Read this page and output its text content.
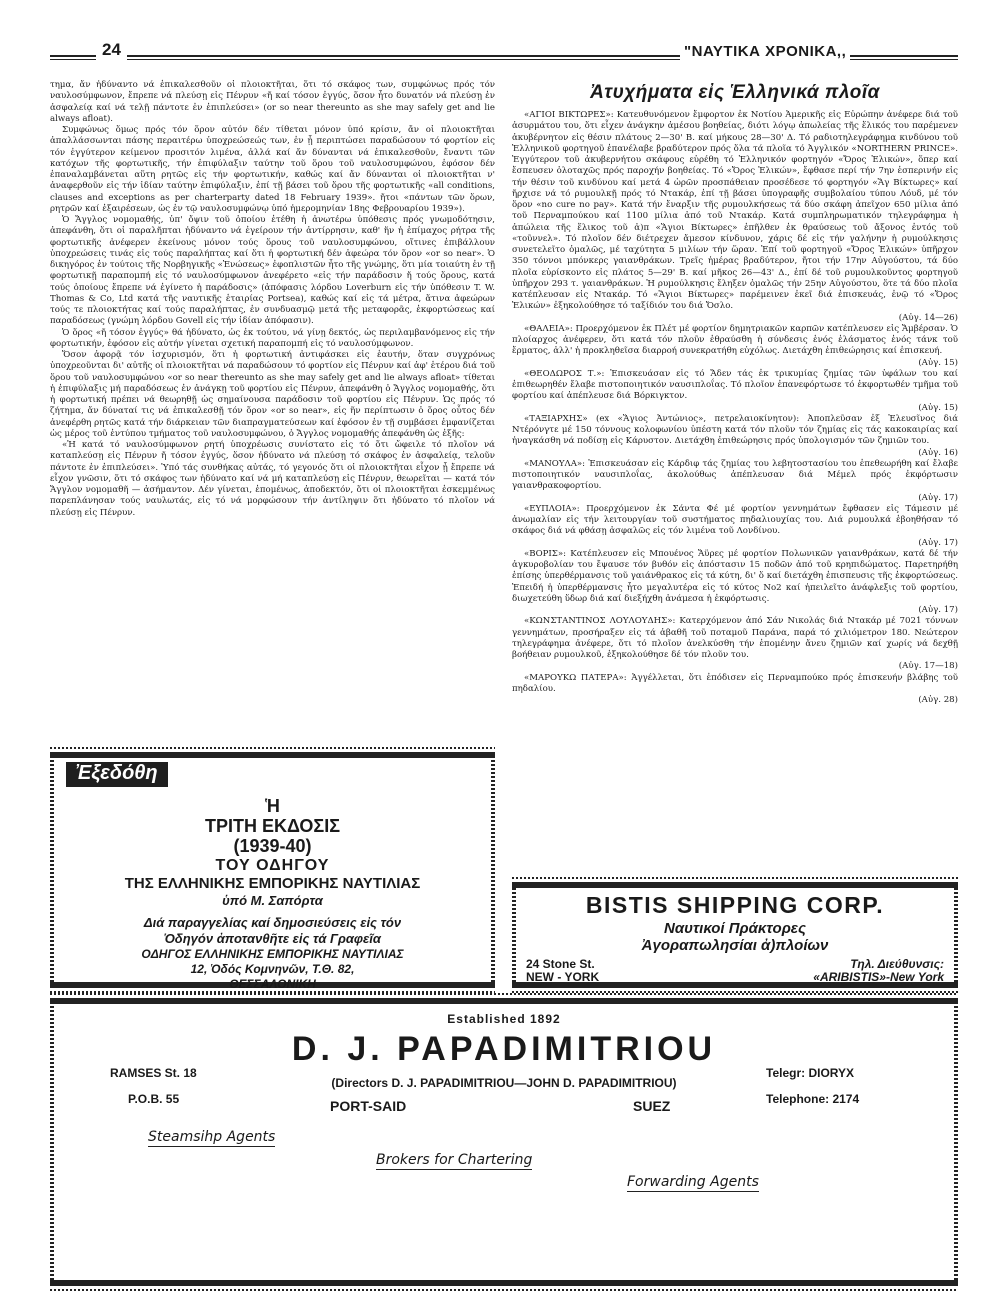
24	"ΝΑΥΤΙΚΑ ΧΡΟΝΙΚΑ,,

τημα, ἄν ἠδύναντο νά ἐπικαλεσθοῦν οἱ πλοιοκτῆται, ὅτι τό σκάφος των, συμφώνως πρός τόν ναυλοσύμφωνον, ἔπρεπε νά πλεύσῃ εἰς Πένρυν «ἤ καί τόσον ἐγγύς, ὅσον ἦτο δυνατόν νά πλεύσῃ ἐν ἀσφαλείᾳ καί νά τελῇ πάντοτε ἐν ἐπιπλεύσει» (or so near thereunto as she may safely get and lie always afloat).

Συμφώνως ὅμως πρός τόν ὅρον αὐτόν δέν τίθεται μόνον ὑπό κρίσιν, ἄν οἱ πλοιοκτῆται ἀπαλλάσσωνται πάσης περαιτέρω ὑποχρεώσεώς των, ἐν ᾗ περιπτώσει παραδώσουν τό φορτίον εἰς τόν ἐγγύτερον κείμενον προσιτόν λιμένα, ἀλλά καί ἄν δύνανται νά ἐπικαλεσθοῦν, ἔναντι τῶν κατόχων τῆς φορτωτικῆς, τήν ἐπιφύλαξιν ταύτην τοῦ ὅρου τοῦ ναυλοσυμφώνου, ἐφόσον δέν ἐπαναλαμβάνεται αὕτη ρητῶς εἰς τήν φορτωτικήν, καθώς καί ἄν δύνανται οἱ πλοιοκτῆται ν' ἀναφερθοῦν εἰς τήν ἰδίαν ταύτην ἐπιφύλαξιν, ἐπί τῇ βάσει τοῦ ὅρου τῆς φορτωτικῆς «all conditions, clauses and exceptions as per charterparty dated 18 February 1939». ἤτοι «πάντων τῶν ὅρων, ρητρῶν καί ἐξαιρέσεων, ὡς ἐν τῷ ναυλοσυμφώνῳ ὑπό ἡμερομηνίαν 18ης Φεβρουαρίου 1939»).

Ὁ Ἄγγλος νομομαθής, ὑπ' ὄψιν τοῦ ὁποίου ἐτέθη ἡ ἀνωτέρω ὑπόθεσις πρός γνωμοδότησιν, ἀπεφάνθη, ὅτι οἱ παραλῆπται ἠδύναντο νά ἐγείρουν τήν ἀντίρρησιν, καθ' ἥν ἡ ἐπίμαχος ρήτρα τῆς φορτωτικῆς ἀνέφερεν ἐκείνους μόνον τούς ὅρους τοῦ ναυλοσυμφώνου, οἵτινες ἐπιβάλλουν ὑποχρεώσεις τινάς εἰς τούς παραλήπτας καί ὅτι ἡ φορτωτική δέν ἀφεώρα τόν ὅρον «or so near». Ὁ δικηγόρος ἐν τούτοις τῆς Νορβηγικῆς «Ἑνώσεως» ἐφοπλιστῶν ἦτο τῆς γνώμης, ὅτι μία τοιαύτη ἐν τῇ φορτωτικῇ παραπομπή εἰς τό ναυλοσύμφωνον ἀνεφέρετο «εἰς τήν παράδοσιν ἤ τούς ὅρους, κατά τούς ὁποίους ἔπρεπε νά ἐγίνετο ἡ παράδοσις» (ἀπόφασις λόρδου Loverburn εἰς τήν ὑπόθεσιν T. W. Thomas & Co, Ltd κατά τῆς ναυτικῆς ἑταιρίας Portsea), καθώς καί εἰς τά μέτρα, ἅτινα ἀφεώρων τούς τε πλοιοκτήτας καί τούς παραλήπτας, ἐν συνδυασμῷ μετά τῆς μεταφορᾶς, ἐκφορτώσεως καί παραδόσεως (γνώμη λόρδου Govell εἰς τήν ἰδίαν ἀπόφασιν).

Ὁ ὅρος «ἤ τόσον ἐγγύς» θά ἠδύνατο, ὡς ἐκ τούτου, νά γίνῃ δεκτός, ὡς περιλαμβανόμενος εἰς τήν φορτωτικήν, ἐφόσον εἰς αὐτήν γίνεται σχετική παραπομπή εἰς τό ναυλοσύμφωνον.

Ὅσον ἀφορᾷ τόν ἰσχυρισμόν, ὅτι ἡ φορτωτική ἀντιφάσκει εἰς ἑαυτήν, ὅταν συγχρόνως ὑποχρεοῦνται δι' αὐτῆς οἱ πλοιοκτῆται νά παραδώσουν τό φορτίον εἰς Πένρυν καί ἀφ' ἑτέρου διά τοῦ ὅρου τοῦ ναυλοσυμφώνου «or so near thereunto as she may safely get and lie always afloat» τίθεται ἡ ἐπιφύλαξις μή παραδόσεως ἐν ἀνάγκῃ τοῦ φορτίου εἰς Πένρυν, ἀπεφάνθη ὁ Ἄγγλος νομομαθής, ὅτι ἡ φορτωτική πρέπει νά θεωρηθῇ ὡς σημαίνουσα παράδοσιν τοῦ φορτίου εἰς Πένρυν. Ὡς πρός τό ζήτημα, ἄν δύναταί τις νά ἐπικαλεσθῇ τόν ὅρον «or so near», εἰς ἥν περίπτωσιν ὁ ὅρος οὗτος δέν ἀνεφέρθη ρητῶς κατά τήν διάρκειαν τῶν διαπραγματεύσεων καί ἐφόσον ἐν τῇ συμβάσει ἐμφανίζεται ὡς μέρος τοῦ ἐντύπου τμήματος τοῦ ναυλοσυμφώνου, ὁ Ἄγγλος νομομαθής ἀπεφάνθη ὡς ἑξῆς:

«Ἡ κατά τό ναυλοσύμφωνον ρητή ὑποχρέωσις συνίστατο εἰς τό ὅτι ὤφειλε τό πλοῖον νά καταπλεύσῃ εἰς Πένρυν ἤ τόσον ἐγγύς, ὅσον ἠδύνατο νά πλεύσῃ τό σκάφος ἐν ἀσφαλείᾳ, τελοῦν πάντοτε ἐν ἐπιπλεύσει». Ὑπό τάς συνθήκας αὐτάς, τό γεγονός ὅτι οἱ πλοιοκτῆται εἶχον ᾖ ἔπρεπε νά εἶχον γνῶσιν, ὅτι τό σκάφος των ἠδύνατο καί νά μή καταπλεύσῃ εἰς Πένρυν, θεωρεῖται — κατά τόν Ἄγγλον νομομαθῆ — ἀσήμαντον. Δέν γίνεται, ἑπομένως, ἀποδεκτόν, ὅτι οἱ πλοιοκτῆται ἐσκεμμένως παρεπλάνησαν τούς ναυλωτάς, εἰς τό νά μορφώσουν τήν ἀντίληψιν ὅτι ἠδύνατο τό πλοῖον νά πλεύσῃ εἰς Πένρυν.

Ἀτυχήματα εἰς Ἑλληνικά πλοῖα

«ΑΓΙΟΙ ΒΙΚΤΩΡΕΣ»: Κατευθυνόμενον ἔμφορτον ἐκ Νοτίου Ἀμερικῆς εἰς Εὐρώπην ἀνέφερε διά τοῦ ἀσυρμάτου του, ὅτι εἶχεν ἀνάγκην ἀμέσου βοηθείας, διότι λόγῳ ἀπωλείας τῆς ἕλικός του παρέμενεν ἀκυβέρνητον εἰς θέσιν πλάτους 2—30' Β. καί μήκους 28—30' Δ. Τό ραδιοτηλεγράφημα κινδύνου τοῦ Ἑλληνικοῦ φορτηγοῦ ἐπανέλαβε βραδύτερον πρός ὅλα τά πλοῖα τό Ἀγγλικόν «NORTHERN PRINCE». Ἐγγύτερον τοῦ ἀκυβερνήτου σκάφους εὑρέθη τό Ἑλληνικόν φορτηγόν «Ὄρος Ἑλικών», ὅπερ καί ἔσπευσεν ὁλοταχῶς πρός παροχήν βοηθείας. Τό «Ὄρος Ἑλικών», ἔφθασε περί τήν 7ην ἑσπερινήν εἰς τήν θέσιν τοῦ κινδύνου καί μετά 4 ὡρῶν προσπάθειαν προσέδεσε τό φορτηγόν «Ἅγ Βίκτωρες» καί ἤρχισε νά τό ρυμουλκῇ πρός τό Ντακάρ, ἐπί τῇ βάσει ὑπογραφῆς συμβολαίου τύπου Λόυδ, μέ τόν ὅρον «no cure no pay». Κατά τήν ἔναρξιν τῆς ρυμουλκήσεως τά δύο σκάφη ἀπεῖχον 650 μίλια ἀπό τοῦ Περναμπούκου καί 1100 μίλια ἀπό τοῦ Ντακάρ. Κατά συμπληρωματικόν τηλεγράφημα ἡ ἀπώλεια τῆς ἕλικος τοῦ ἀ)π «Ἅγιοι Βίκτωρες» ἐπῆλθεν ἐκ θραύσεως τοῦ ἄξονος ἐντός τοῦ «τοῦννελ». Τό πλοῖον δέν διέτρεχεν ἄμεσον κίνδυνον, χάρις δέ εἰς τήν γαλήνην ἡ ρυμούλκησις συνετελεῖτο ὁμαλῶς, μέ ταχύτητα 5 μιλίων τήν ὥραν. Ἐπί τοῦ φορτηγοῦ «Ὄρος Ἑλικών» ὑπῆρχον 350 τόννοι μπόνκερς γαιανθράκων. Τρεῖς ἡμέρας βραδύτερον, ἤτοι τήν 17ην Αὐγούστου, τά δύο πλοῖα εὑρίσκοντο εἰς πλάτος 5—29' Β. καί μῆκος 26—43' Δ., ἐπί δέ τοῦ ρυμουλκοῦντος φορτηγοῦ ὑπῆρχον 293 τ. γαιανθράκων. Ἡ ρυμούλκησις ἔληξεν ὁμαλῶς τήν 25ην Αὐγούστου, ὅτε τά δύο πλοῖα κατέπλευσαν εἰς Ντακάρ. Τό «Ἅγιοι Βίκτωρες» παρέμεινεν ἐκεῖ διά ἐπισκευάς, ἐνῷ τό «Ὄρος Ἑλικών» ἐξηκολούθησε τό ταξίδιόν του διά Ὄσλο.
(Αὐγ. 14—26)

«ΘΑΛΕΙΑ»: Προερχόμενον ἐκ Πλέτ μέ φορτίον δημητριακῶν καρπῶν κατέπλευσεν εἰς Ἄμβέρσαν. Ὁ πλοίαρχος ἀνέφερεν, ὅτι κατά τόν πλοῦν ἐθραύσθη ἡ σύνδεσις ἑνός ἐλάσματος ἑνός τάνκ τοῦ ἔρματος, ἀλλ' ἡ προκληθεῖσα διαρροή συνεκρατήθη εὐχόλως. Διετάχθη ἐπιθεώρησις καί ἐπισκευή.
(Αὐγ. 15)

«ΘΕΟΔΩΡΟΣ Τ.»: Ἐπισκευάσαν εἰς τό Ἄδεν τάς ἐκ τρικυμίας ζημίας τῶν ὑφάλων του καί ἐπιθεωρηθέν ἔλαβε πιστοποιητικόν ναυσιπλοΐας. Τό πλοῖον ἐπανεφόρτωσε τό ἐκφορτωθέν τμῆμα τοῦ φορτίου καί ἀπέπλευσε διά Βόρκιγκτον.
(Αὐγ. 15)

«ΤΑΞΙΑΡΧΗΣ» (ex «Ἅγιος Ἀντώνιος», πετρελαιοκίνητον): Ἀποπλεῦσαν ἐξ Ἐλευσῖνος διά Ντέρόνγτε μέ 150 τόννους κολοφωνίου ὑπέστη κατά τόν πλοῦν τόν ζημίας εἰς τάς κακοκαιρίας καί ἠναγκάσθη νά ποδίσῃ εἰς Κάρυστον. Διετάχθη ἐπιθεώρησις πρός ὑπολογισμόν τῶν ζημιῶν του.
(Αὐγ. 16)

«ΜΑΝΟΥΛΑ»: Ἐπισκευάσαν εἰς Κάρδιφ τάς ζημίας του λεβητοστασίου του ἐπεθεωρήθη καί ἔλαβε πιστοποιητικόν ναυσιπλοΐας, ἀκολούθως ἀπέπλευσαν διά Μέμελ πρός ἐκφόρτωσιν γαιανθρακοφορτίου.
(Αὐγ. 17)

«ΕΥΠΛΟΙΑ»: Προερχόμενον ἐκ Σάντα Φέ μέ φορτίον γεννημάτων ἔφθασεν εἰς Τάμεσιν μέ ἀνωμαλίαν εἰς τήν λειτουργίαν τοῦ συστήματος πηδαλιουχίας του. Διά ρυμουλκά ἐβοηθήσαν τό σκάφος διά νά φθάσῃ ἀσφαλῶς εἰς τόν λιμένα τοῦ Λονδίνου.
(Αὐγ. 17)

«ΒΟΡΙΣ»: Κατέπλευσεν εἰς Μπουένος Ἄϋρες μέ φορτίον Πολωνικῶν γαιανθράκων, κατά δέ τήν ἀγκυροβολίαν του ἔψαυσε τόν βυθόν εἰς ἀπόστασιν 15 ποδῶν ἀπό τοῦ κρηπιδώματος. Παρετηρήθη ἐπίσης ὑπερθέρμανσις τοῦ γαιάνθρακος εἰς τά κύτη, δι' ὅ καί διετάχθη ἐπισπευσις τῆς ἐκφορτώσεως. Ἐπειδή ἡ ὑπερθέρμανσις ἦτο μεγαλυτέρα εἰς τό κύτος Νο2 καί ἠπειλεῖτο ἀνάφλεξις τοῦ φορτίου, διωχετεύθη ὕδωρ διά καί διεξήχθη ἀνάμεσα ἡ ἐκφόρτωσις.
(Αὐγ. 17)

«ΚΩΝΣΤΑΝΤΙΝΟΣ ΛΟΥΛΟΥΔΗΣ»: Κατερχόμενον ἀπό Σάν Νικολάς διά Ντακάρ μέ 7021 τόννων γεννημάτων, προσήραξεν εἰς τά ἀβαθῆ τοῦ ποταμοῦ Παράνα, παρά τό χιλιόμετρον 180. Νεώτερον τηλεγράφημα ἀνέφερε, ὅτι τό πλοῖον ἀνελκύσθη τήν ἑπομένην ἄνευ ζημιῶν καί χωρίς νά δεχθῇ βοήθειαν ρυμουλκοῦ, ἐξηκολούθησε δέ τόν πλοῦν του.
(Αὐγ. 17—18)

«ΜΑΡΟΥΚΩ ΠΑΤΕΡΑ»: Ἀγγέλλεται, ὅτι ἐπόδισεν εἰς Περναμπούκο πρός ἐπισκευήν βλάβης τοῦ πηδαλίου.
(Αὐγ. 28)

Ἐξεδόθη
Ἡ
ΤΡΙΤΗ ΕΚΔΟΣΙΣ
(1939-40)
ΤΟΥ ΟΔΗΓΟΥ
ΤΗΣ ΕΛΛΗΝΙΚΗΣ ΕΜΠΟΡΙΚΗΣ ΝΑΥΤΙΛΙΑΣ
ὑπό Μ. Σαπόρτα
Διά παραγγελίας καί δημοσιεύσεις εἰς τόν
Ὁδηγόν ἀποτανθῆτε εἰς τά Γραφεῖα
ΟΔΗΓΟΣ ΕΛΛΗΝΙΚΗΣ ΕΜΠΟΡΙΚΗΣ ΝΑΥΤΙΛΙΑΣ
12, Ὁδός Κομνηνῶν, Τ.Θ. 82,
ΘΕΣΣΑΛΟΝΙΚΗ
BISTIS SHIPPING CORP.
Ναυτικοί Πράκτορες
Ἀγοραπωλησίαι ἀ)πλοίων
24 Stone St.
NEW - YORK
Τηλ. Διεύθυνσις:
«ARIBISTIS»-New York
Established 1892
D. J. PAPADIMITRIOU
RAMSES St. 18
P.O.B. 55
Telegr: DIORYX
Telephone: 2174
(Directors D. J. PAPADIMITRIOU—JOHN D. PAPADIMITRIOU)
PORT-SAID	SUEZ
Steamsihp Agents
Brokers for Chartering
Forwarding Agents
